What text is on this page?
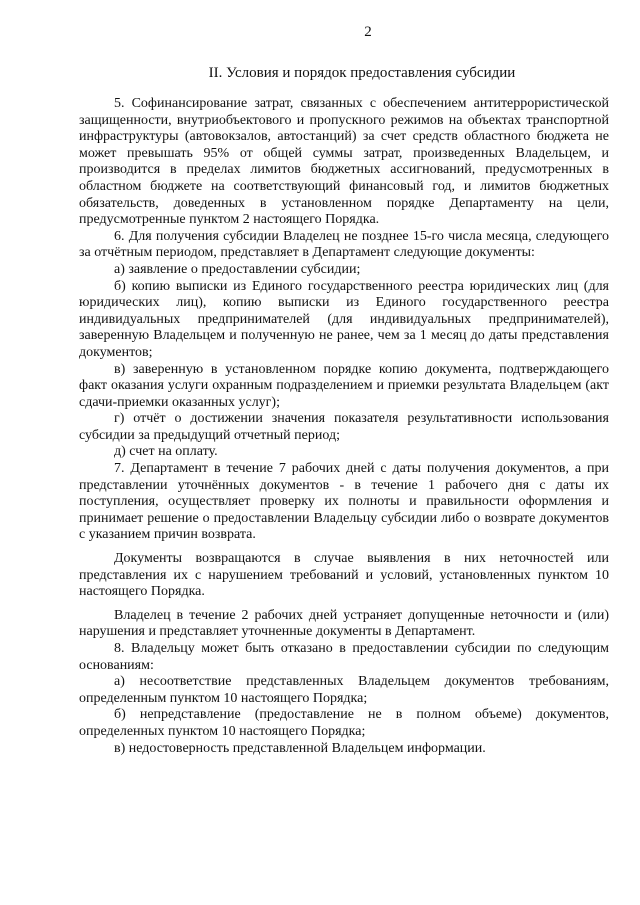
2
II. Условия и порядок предоставления субсидии

5. Софинансирование затрат, связанных с обеспечением антитеррористической защищенности, внутриобъектового и пропускного режимов на объектах транспортной инфраструктуры (автовокзалов, автостанций) за счет средств областного бюджета не может превышать 95% от общей суммы затрат, произведенных Владельцем, и производится в пределах лимитов бюджетных ассигнований, предусмотренных в областном бюджете на соответствующий финансовый год, и лимитов бюджетных обязательств, доведенных в установленном порядке Департаменту на цели, предусмотренные пунктом 2 настоящего Порядка.

6. Для получения субсидии Владелец не позднее 15-го числа месяца, следующего за отчётным периодом, представляет в Департамент следующие документы:

а) заявление о предоставлении субсидии;

б) копию выписки из Единого государственного реестра юридических лиц (для юридических лиц), копию выписки из Единого государственного реестра индивидуальных предпринимателей (для индивидуальных предпринимателей), заверенную Владельцем и полученную не ранее, чем за 1 месяц до даты представления документов;

в) заверенную в установленном порядке копию документа, подтверждающего факт оказания услуги охранным подразделением и приемки результата Владельцем (акт сдачи-приемки оказанных услуг);

г) отчёт о достижении значения показателя результативности использования субсидии за предыдущий отчетный период;

д) счет на оплату.

7. Департамент в течение 7 рабочих дней с даты получения документов, а при представлении уточнённых документов - в течение 1 рабочего дня с даты их поступления, осуществляет проверку их полноты и правильности оформления и принимает решение о предоставлении Владельцу субсидии либо о возврате документов с указанием причин возврата.

Документы возвращаются в случае выявления в них неточностей или представления их с нарушением требований и условий, установленных пунктом 10 настоящего Порядка.

Владелец в течение 2 рабочих дней устраняет допущенные неточности и (или) нарушения и представляет уточненные документы в Департамент.

8. Владельцу может быть отказано в предоставлении субсидии по следующим основаниям:

а) несоответствие представленных Владельцем документов требованиям, определенным пунктом 10 настоящего Порядка;

б) непредставление (предоставление не в полном объеме) документов, определенных пунктом 10 настоящего Порядка;

в) недостоверность представленной Владельцем информации.
